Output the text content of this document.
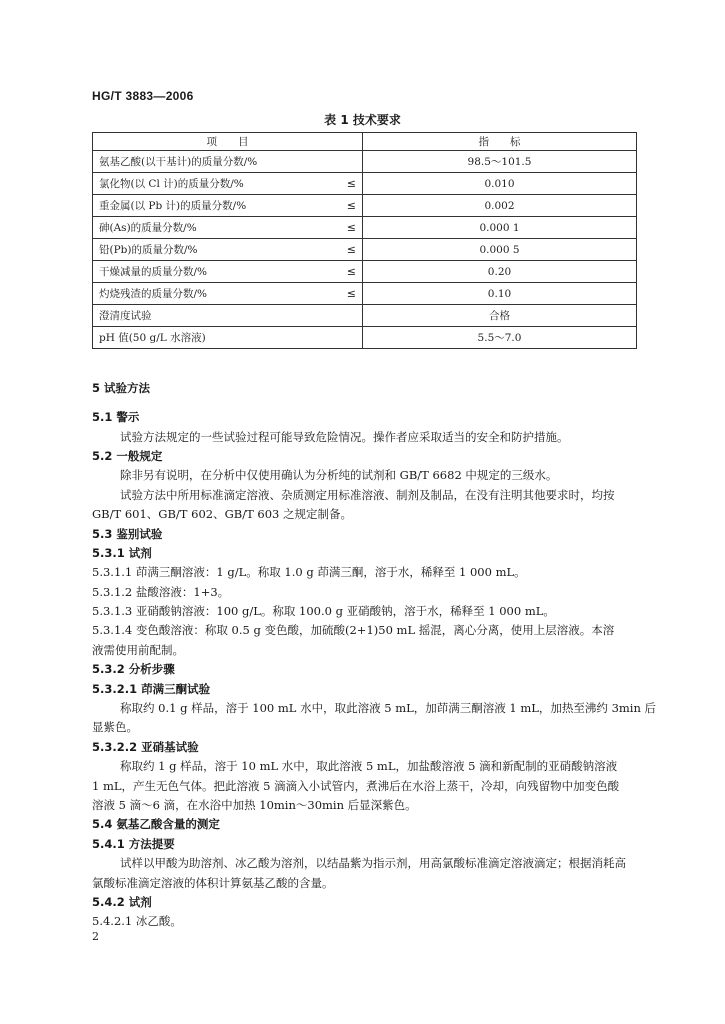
HG/T 3883—2006
表 1 技术要求
项　　目	指　　标

氨基乙酸(以干基计)的质量分数/%	98.5～101.5

氯化物(以 Cl 计)的质量分数/% ≤	0.010

重金属(以 Pb 计)的质量分数/% ≤	0.002

砷(As)的质量分数/% ≤	0.000 1

铅(Pb)的质量分数/% ≤	0.000 5

干燥减量的质量分数/% ≤	0.20

灼烧残渣的质量分数/% ≤	0.10

澄清度试验	合格

pH 值(50 g/L 水溶液)	5.5～7.0
5 试验方法
5.1 警示
试验方法规定的一些试验过程可能导致危险情况。操作者应采取适当的安全和防护措施。
5.2 一般规定
除非另有说明，在分析中仅使用确认为分析纯的试剂和 GB/T 6682 中规定的三级水。
试验方法中所用标准滴定溶液、杂质测定用标准溶液、制剂及制品，在没有注明其他要求时，均按
GB/T 601、GB/T 602、GB/T 603 之规定制备。
5.3 鉴别试验
5.3.1 试剂
5.3.1.1 茚满三酮溶液：1 g/L。称取 1.0 g 茚满三酮，溶于水，稀释至 1 000 mL。
5.3.1.2 盐酸溶液：1+3。
5.3.1.3 亚硝酸钠溶液：100 g/L。称取 100.0 g 亚硝酸钠，溶于水，稀释至 1 000 mL。
5.3.1.4 变色酸溶液：称取 0.5 g 变色酸，加硫酸(2+1)50 mL 摇混，离心分离，使用上层溶液。本溶
液需使用前配制。
5.3.2 分析步骤
5.3.2.1 茚满三酮试验
称取约 0.1 g 样品，溶于 100 mL 水中，取此溶液 5 mL，加茚满三酮溶液 1 mL，加热至沸约 3min 后
显紫色。
5.3.2.2 亚硝基试验
称取约 1 g 样品，溶于 10 mL 水中，取此溶液 5 mL，加盐酸溶液 5 滴和新配制的亚硝酸钠溶液
1 mL，产生无色气体。把此溶液 5 滴滴入小试管内，煮沸后在水浴上蒸干，冷却，向残留物中加变色酸
溶液 5 滴～6 滴，在水浴中加热 10min～30min 后显深紫色。
5.4 氨基乙酸含量的测定
5.4.1 方法提要
试样以甲酸为助溶剂、冰乙酸为溶剂，以结晶紫为指示剂，用高氯酸标准滴定溶液滴定；根据消耗高
氯酸标准滴定溶液的体积计算氨基乙酸的含量。
5.4.2 试剂
5.4.2.1 冰乙酸。
2
